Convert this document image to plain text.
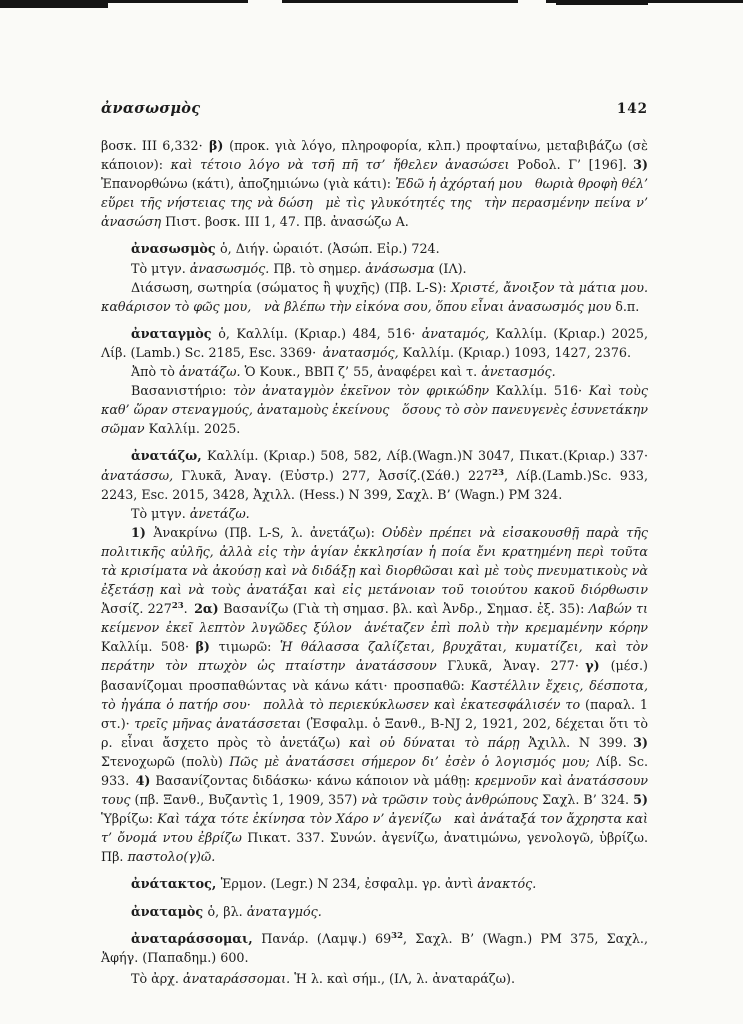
ἀνασωσμὸς	142

βοσκ. III 6,332· β) (προκ. γιὰ λόγο, πληροφορία, κλπ.) προφταίνω, μεταβιβάζω (σὲ κάποιον): καὶ τέτοιο λόγο νὰ τσῆ πῆ τσ’ ἤθελεν ἀνασώσει Ροδολ. Γ’ [196]. 3) Ἐπανορθώνω (κάτι), ἀποζημιώνω (γιὰ κάτι): Ἐδῶ ἡ ἀχόρταή μου θωριὰ θροφὴ θέλ’ εὕρει τῆς νήστειας της νὰ δώση μὲ τὶς γλυκότητές της τὴν περασμένην πείνα ν’ ἀνασώση Πιστ. βοσκ. III 1, 47. Πβ. ἀνασώζω Α.

ἀνασωσμὸς ὁ, Διήγ. ὡραιότ. (Ἀσώπ. Εἰρ.) 724.

Τὸ μτγν. ἀνασωσμός. Πβ. τὸ σημερ. ἀνάσωσμα (ΙΛ).

Διάσωση, σωτηρία (σώματος ἢ ψυχῆς) (Πβ. L-S): Χριστέ, ἄνοιξον τὰ μάτια μου. καθάρισον τὸ φῶς μου, νὰ βλέπω τὴν εἰκόνα σου, ὅπου εἶναι ἀνασωσμός μου δ.π.

ἀναταγμὸς ὁ, Καλλίμ. (Κριαρ.) 484, 516· ἀναταμός, Καλλίμ. (Κριαρ.) 2025, Λίβ. (Lamb.) Sc. 2185, Esc. 3369· ἀνατασμός, Καλλίμ. (Κριαρ.) 1093, 1427, 2376.

Ἀπὸ τὸ ἀνατάζω. Ὁ Κουκ., ΒΒΠ ζ’ 55, ἀναφέρει καὶ τ. ἀνετασμός.

Βασανιστήριο: τὸν ἀναταγμὸν ἐκεῖνον τὸν φρικώδην Καλλίμ. 516· Καὶ τοὺς καθ’ ὥραν στεναγμούς, ἀναταμοὺς ἐκείνους ὅσους τὸ σὸν πανευγενὲς ἐσυνετάκην σῶμαν Καλλίμ. 2025.

ἀνατάζω, Καλλίμ. (Κριαρ.) 508, 582, Λίβ.(Wagn.)N 3047, Πικατ.(Κριαρ.) 337· ἀνατάσσω, Γλυκᾶ, Ἀναγ. (Εὐστρ.) 277, Ἀσσίζ.(Σάθ.) $227^{23}$, Λίβ.(Lamb.)Sc. 933, 2243, Esc. 2015, 3428, Ἀχιλλ. (Hess.) N 399, Σαχλ. Β’ (Wagn.) PM 324.

Τὸ μτγν. ἀνετάζω.

1) Ἀνακρίνω (Πβ. L-S, λ. ἀνετάζω): Οὐδὲν πρέπει νὰ εἰσακουσθῇ παρὰ τῆς πολιτικῆς αὐλῆς, ἀλλὰ εἰς τὴν ἁγίαν ἐκκλησίαν ἡ ποία ἔνι κρατημένη περὶ τοῦτα τὰ κρισίματα νὰ ἀκούσῃ καὶ νὰ διδάξῃ καὶ διορθῶσαι καὶ μὲ τοὺς πνευματικοὺς νὰ ἐξετάσῃ καὶ νὰ τοὺς ἀνατάξαι καὶ εἰς μετάνοιαν τοῦ τοιούτου κακοῦ διόρθωσιν Ἀσσίζ. $227^{23}$. 2α) Βασανίζω (Γιὰ τὴ σημασ. βλ. καὶ Ἀνδρ., Σημασ. ἐξ. 35): Λαβών τι κείμενον ἐκεῖ λεπτὸν λυγῶδες ξύλον ἀνέταζεν ἐπὶ πολὺ τὴν κρεμαμένην κόρην Καλλίμ. 508· β) τιμωρῶ: Ἡ θάλασσα ζαλίζεται, βρυχᾶται, κυματίζει, καὶ τὸν περάτην τὸν πτωχὸν ὡς πταίστην ἀνατάσσουν Γλυκᾶ, Ἀναγ. 277· γ) (μέσ.) βασανίζομαι προσπαθώντας νὰ κάνω κάτι· προσπαθῶ: Καστέλλιν ἔχεις, δέσποτα, τὸ ἠγάπα ὁ πατήρ σου· πολλὰ τὸ περιεκύκλωσεν καὶ ἐκατεσφάλισέν το (παραλ. 1 στ.)· τρεῖς μῆνας ἀνατάσσεται (Ἐσφαλμ. ὁ Ξανθ., B-NJ 2, 1921, 202, δέχεται ὅτι τὸ ρ. εἶναι ἄσχετο πρὸς τὸ ἀνετάζω) καὶ οὐ δύναται τὸ πάρῃ Ἀχιλλ. N 399. 3) Στενοχωρῶ (πολὺ) Πῶς μὲ ἀνατάσσει σήμερον δι’ ἐσὲν ὁ λογισμός μου; Λίβ. Sc. 933. 4) Βασανίζοντας διδάσκω· κάνω κάποιον νὰ μάθῃ: κρεμνοῦν καὶ ἀνατάσσουν τους (πβ. Ξανθ., Βυζαντὶς 1, 1909, 357) νὰ τρῶσιν τοὺς ἀνθρώπους Σαχλ. Β’ 324. 5) Ὑβρίζω: Καὶ τάχα τότε ἐκίνησα τὸν Χάρο ν’ ἀγενίζω καὶ ἀνάταξά τον ἄχρηστα καὶ τ’ ὄνομά ντου ἐβρίζω Πικατ. 337. Συνών. ἀγενίζω, ἀνατιμώνω, γενολογῶ, ὑβρίζω. Πβ. παστολο(γ)ῶ.

ἀνάτακτος, Ἑρμον. (Legr.) N 234, ἐσφαλμ. γρ. ἀντὶ ἀνακτός.

ἀναταμὸς ὁ, βλ. ἀναταγμός.

ἀναταράσσομαι, Πανάρ. (Λαμψ.) $69^{32}$, Σαχλ. Β’ (Wagn.) PM 375, Σαχλ., Ἀφήγ. (Παπαδημ.) 600.

Τὸ ἀρχ. ἀναταράσσομαι. Ἡ λ. καὶ σήμ., (ΙΛ, λ. ἀναταράζω).
